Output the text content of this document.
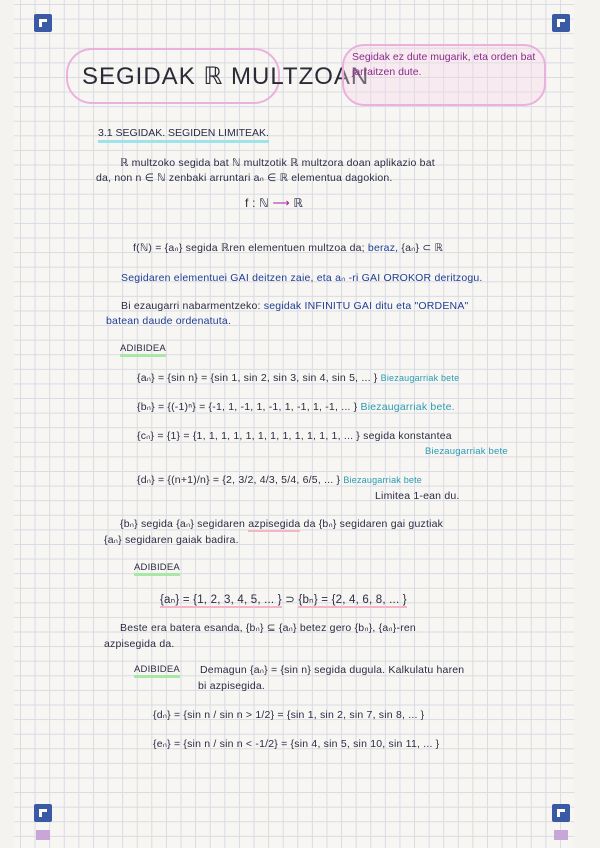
SEGIDAK ℝ MULTZOAN
Segidak ez dute mugarik, eta orden bat jarraitzen dute.
3.1 SEGIDAK. SEGIDEN LIMITEAK.
ℝ multzoko segida bat ℕ multzotik ℝ multzora doan aplikazio bat
da, non n ∈ ℕ zenbaki arruntari aₙ ∈ ℝ elementua dagokion.
f : ℕ ⟶ ℝ
f(ℕ) = {aₙ} segida ℝren elementuen multzoa da; beraz, {aₙ} ⊂ ℝ
Segidaren elementuei GAI deitzen zaie, eta aₙ -ri GAI OROKOR deritzogu.
Bi ezaugarri nabarmentzeko: segidak INFINITU GAI ditu eta "ORDENA"
batean daude ordenatuta.
ADIBIDEA
{aₙ} = {sin n} = {sin 1, sin 2, sin 3, sin 4, sin 5, ... } Biezaugarriak bete
{bₙ} = {(-1)ⁿ} = {-1, 1, -1, 1, -1, 1, -1, 1, -1, ... } Biezaugarriak bete.
{cₙ} = {1} = {1, 1, 1, 1, 1, 1, 1, 1, 1, 1, 1, 1, ... } segida konstantea
Biezaugarriak bete
{dₙ} = {(n+1)/n} = {2, 3/2, 4/3, 5/4, 6/5, ... } Biezaugarriak bete
Limitea 1-ean du.
{bₙ} segida {aₙ} segidaren azpisegida da {bₙ} segidaren gai guztiak
{aₙ} segidaren gaiak badira.
ADIBIDEA
{aₙ} = {1, 2, 3, 4, 5, ... } ⊃ {bₙ} = {2, 4, 6, 8, ... }
Beste era batera esanda, {bₙ} ⊆ {aₙ} betez gero {bₙ}, {aₙ}-ren
azpisegida da.
ADIBIDEA Demagun {aₙ} = {sin n} segida dugula. Kalkulatu haren
bi azpisegida.
{dₙ} = {sin n / sin n > 1/2} = {sin 1, sin 2, sin 7, sin 8, ... }
{eₙ} = {sin n / sin n < -1/2} = {sin 4, sin 5, sin 10, sin 11, ... }
